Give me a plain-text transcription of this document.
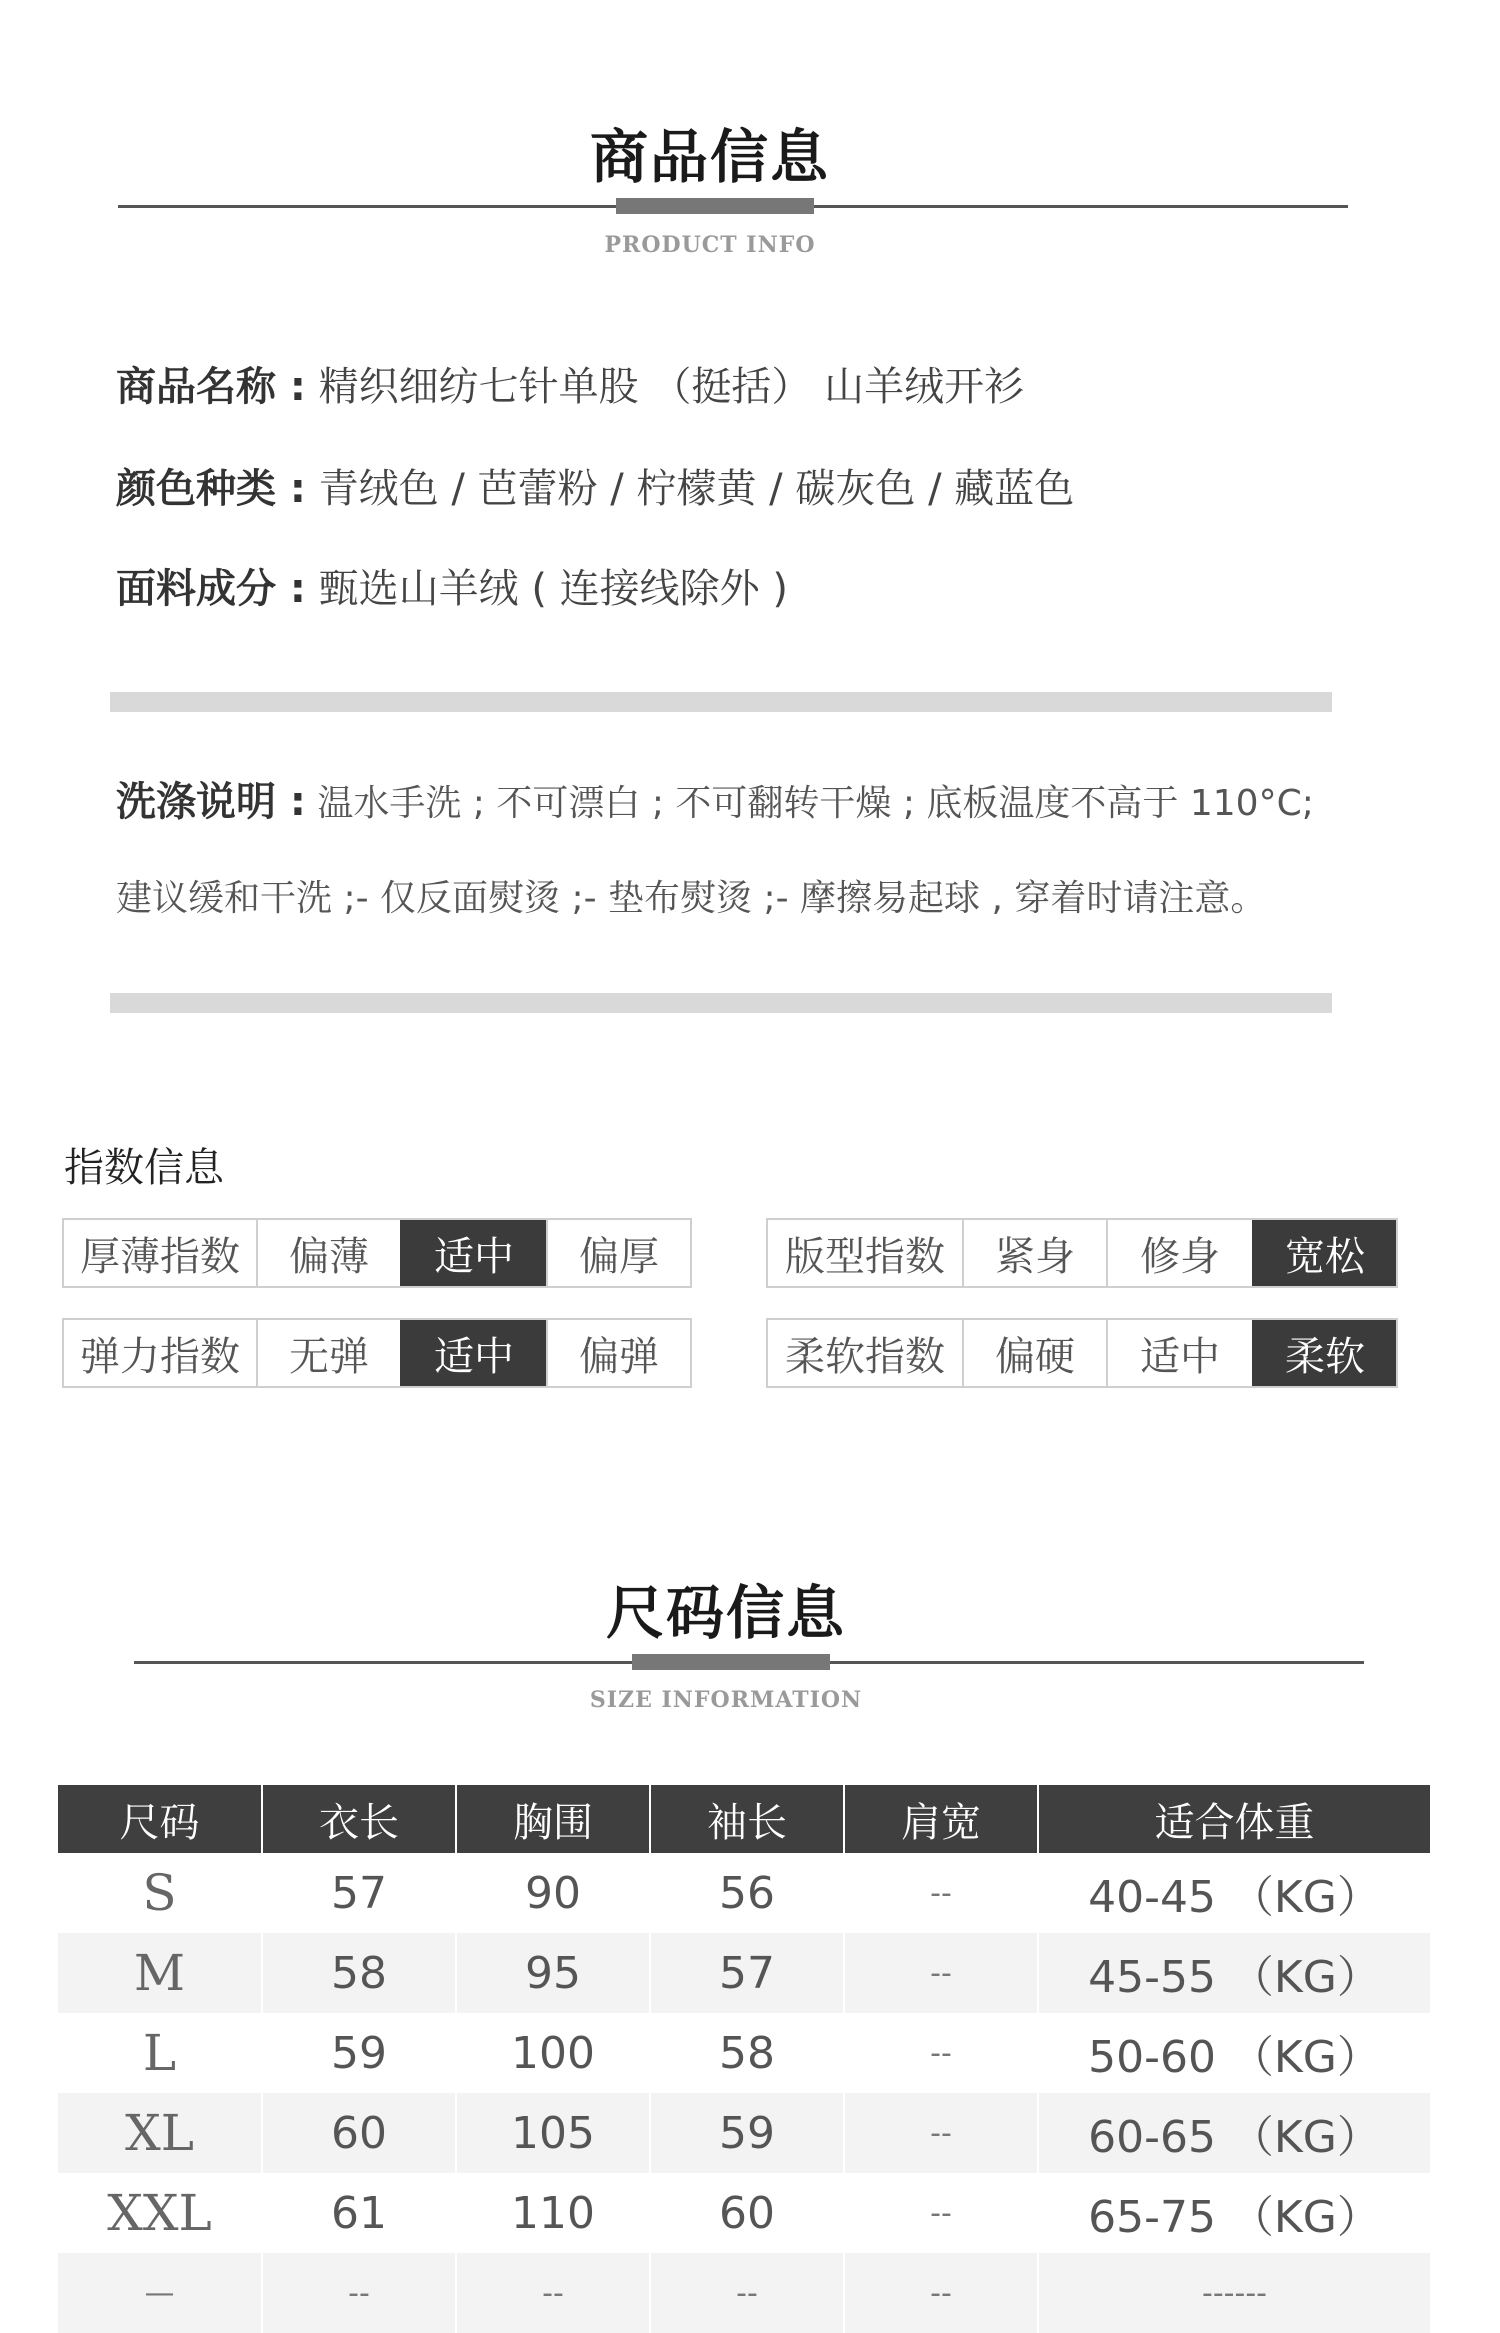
商品信息
PRODUCT INFO
商品名称 : 精织细纺七针单股 （挺括） 山羊绒开衫
颜色种类 : 青绒色 / 芭蕾粉 / 柠檬黄 / 碳灰色 / 藏蓝色
面料成分 : 甄选山羊绒 ( 连接线除外 )
洗涤说明 : 温水手洗 ; 不可漂白 ; 不可翻转干燥 ; 底板温度不高于 110°C;
建议缓和干洗 ;- 仅反面熨烫 ;- 垫布熨烫 ;- 摩擦易起球 , 穿着时请注意。
指数信息
厚薄指数	偏薄	适中	偏厚	版型指数	紧身	修身	宽松
弹力指数	无弹	适中	偏弹	柔软指数	偏硬	适中	柔软
尺码信息
SIZE INFORMATION
尺码	衣长	胸围	袖长	肩宽	适合体重
S	57	90	56	--	40-45 （KG）
M	58	95	57	--	45-55 （KG）
L	59	100	58	--	50-60 （KG）
XL	60	105	59	--	60-65 （KG）
XXL	61	110	60	--	65-75 （KG）
—	--	--	--	--	------
